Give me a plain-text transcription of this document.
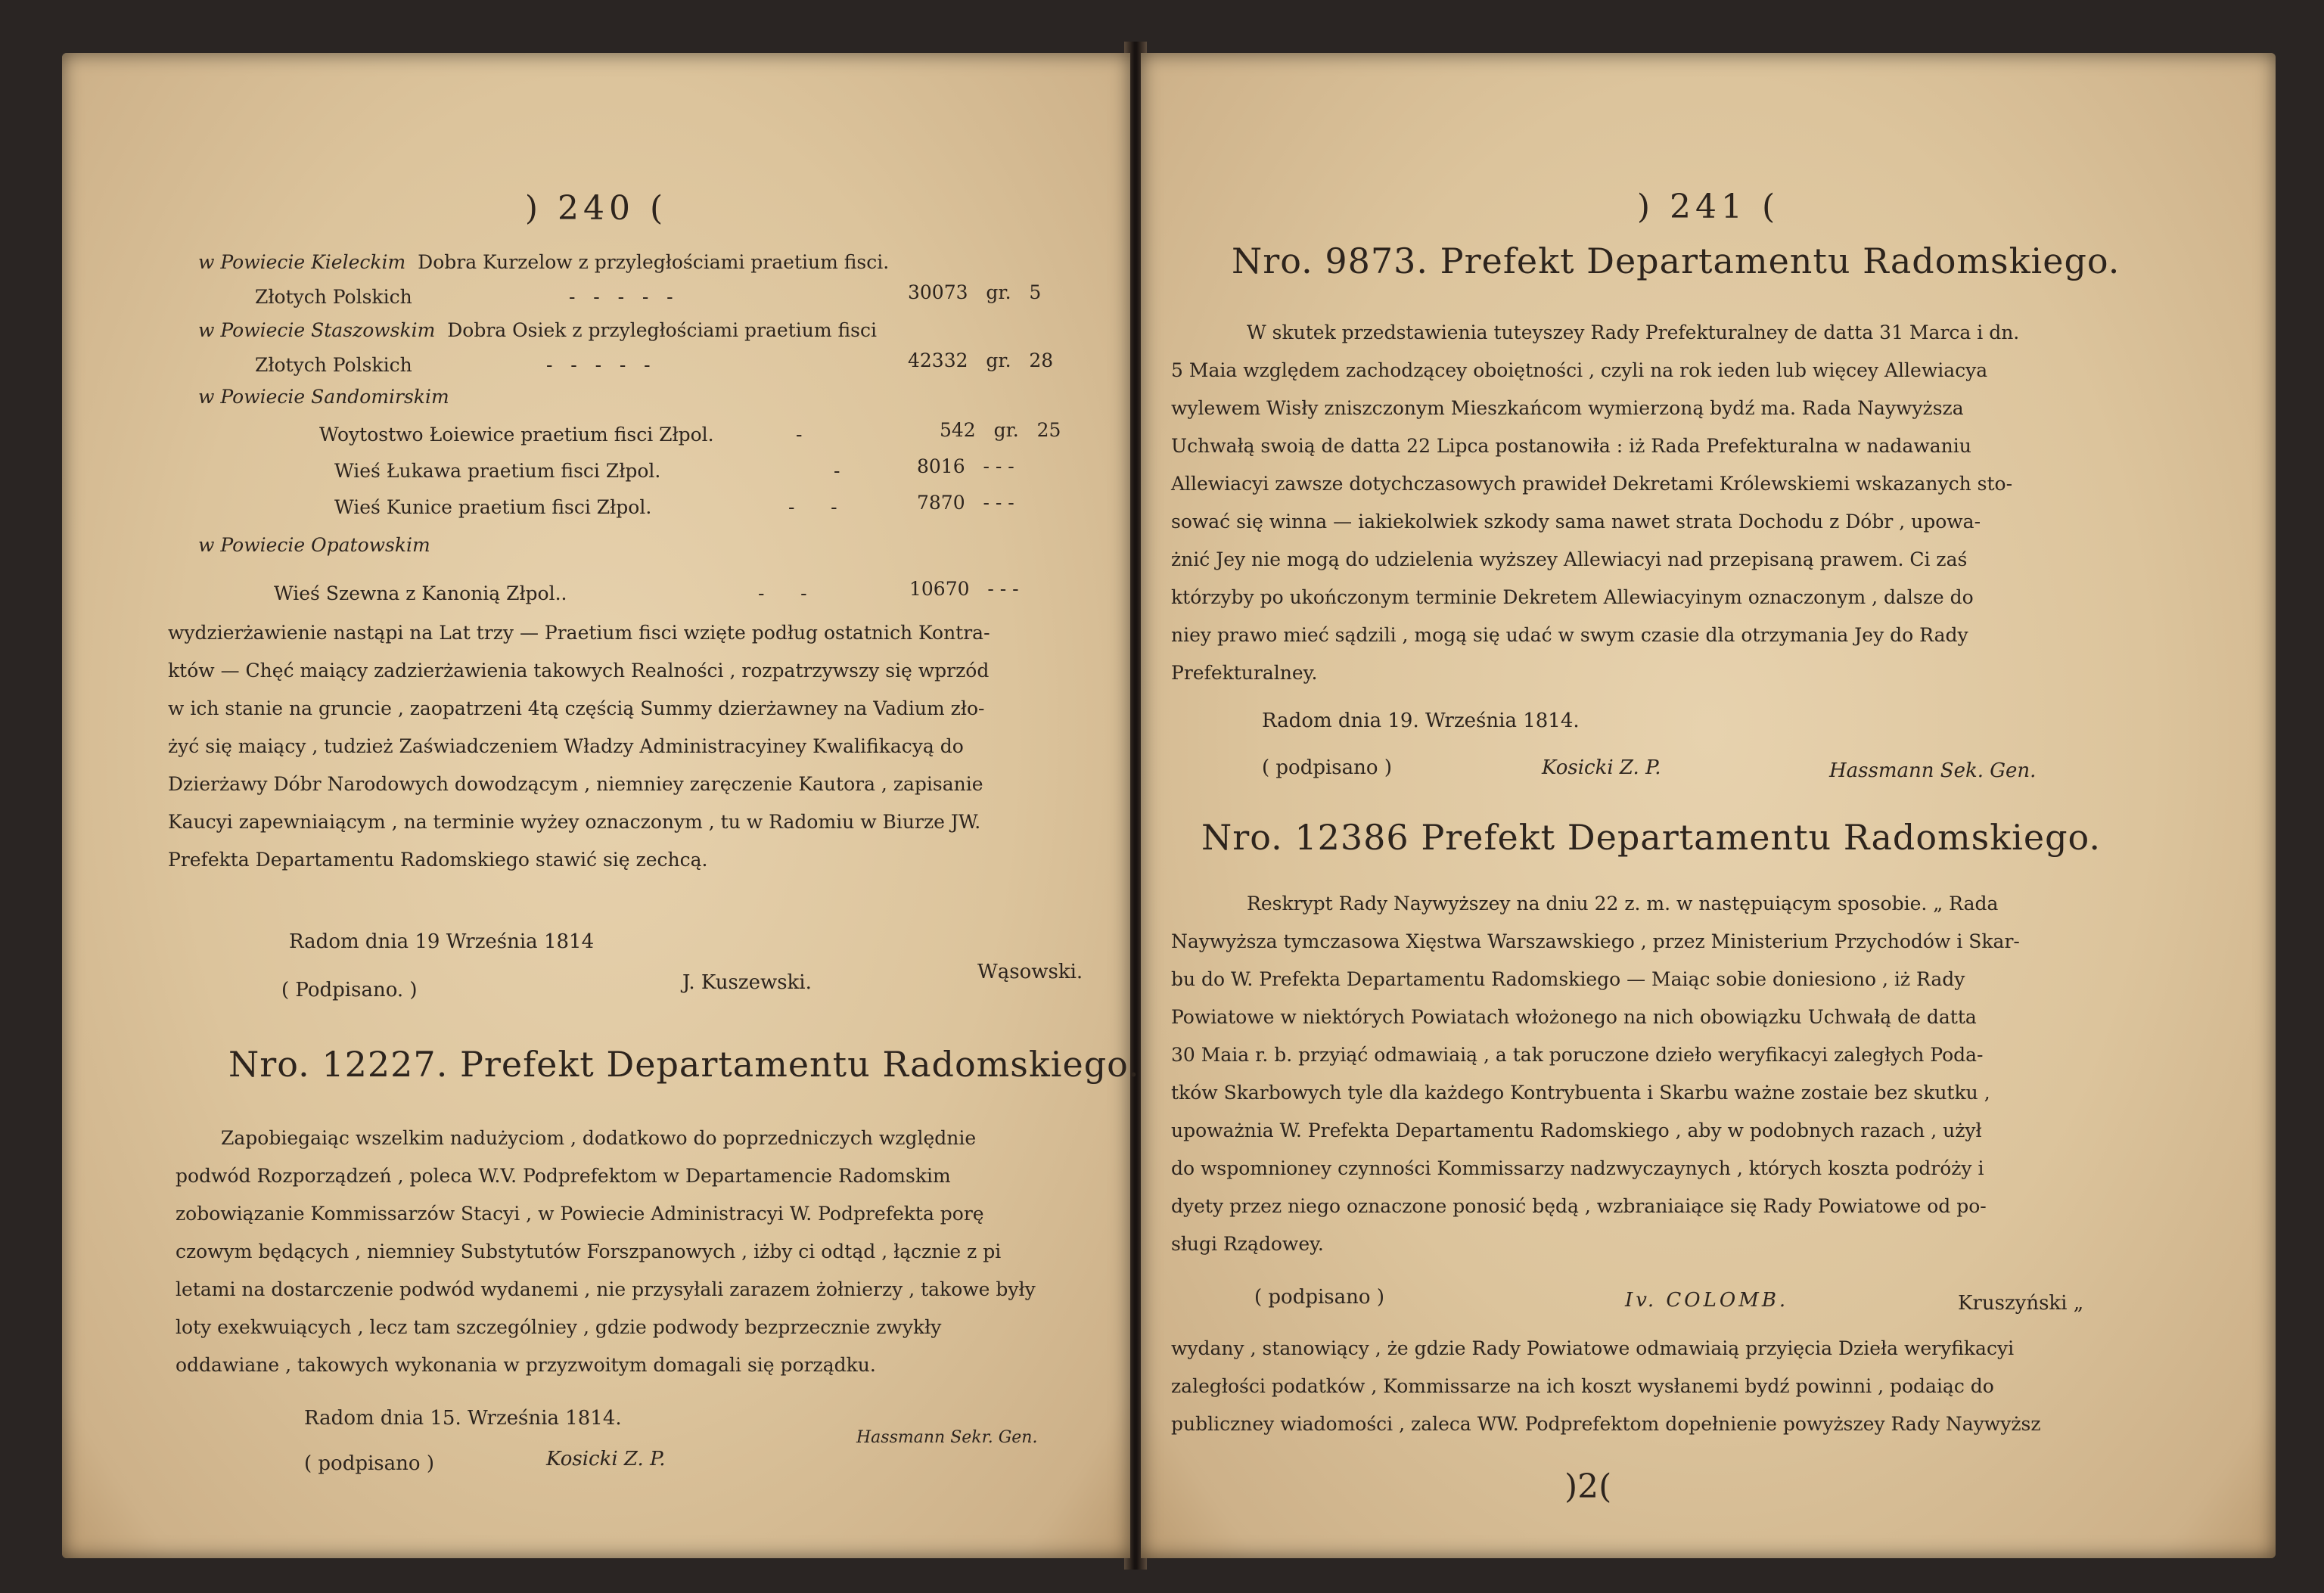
) 240 (
w Powiecie Kieleckim Dobra Kurzelow z przyległościami praetium fisci.
Złotych Polskich	-   -   -   -   -	30073 gr. 5
w Powiecie Staszowskim Dobra Osiek z przyległościami praetium fisci
Złotych Polskich	-   -   -   -   -	42332 gr. 28
w Powiecie Sandomirskim
Woytostwo Łoiewice praetium fisci Złpol.	-	542 gr. 25
Wieś Łukawa praetium fisci Złpol.	-	8016 - - -
Wieś Kunice praetium fisci Złpol.	-      -	7870 - - -
w Powiecie Opatowskim
Wieś Szewna z Kanonią Złpol..	-      -	10670 - - -
wydzierżawienie nastąpi na Lat trzy — Praetium fisci wzięte podług ostatnich Kontra-
któw — Chęć maiący zadzierżawienia takowych Realności , rozpatrzywszy się wprzód
w ich stanie na gruncie , zaopatrzeni 4tą częścią Summy dzierżawney na Vadium zło-
żyć się maiący , tudzież Zaświadczeniem Władzy Administracyiney Kwalifikacyą do
Dzierżawy Dóbr Narodowych dowodzącym , niemniey zaręczenie Kautora , zapisanie
Kaucyi zapewniaiącym , na terminie wyżey oznaczonym , tu w Radomiu w Biurze JW.
Prefekta Departamentu Radomskiego stawić się zechcą.
Radom dnia 19 Września 1814
( Podpisano. )	J. Kuszewski.	Wąsowski.
Nro. 12227. Prefekt Departamentu Radomskiego.
Zapobiegaiąc wszelkim nadużyciom , dodatkowo do poprzedniczych względnie
podwód Rozporządzeń , poleca W.V. Podprefektom w Departamencie Radomskim
zobowiązanie Kommissarzów Stacyi , w Powiecie Administracyi W. Podprefekta porę
czowym będących , niemniey Substytutów Forszpanowych , iżby ci odtąd , łącznie z pi
letami na dostarczenie podwód wydanemi , nie przysyłali zarazem żołnierzy , takowe były
loty exekwuiących , lecz tam szczególniey , gdzie podwody bezprzecznie zwykły
oddawiane , takowych wykonania w przyzwoitym domagali się porządku.
Radom dnia 15. Września 1814.
( podpisano )	Kosicki Z. P.
Hassmann Sekr. Gen.
) 241 (
Nro. 9873. Prefekt Departamentu Radomskiego.
W skutek przedstawienia tuteyszey Rady Prefekturalney de datta 31 Marca i dn.
5 Maia względem zachodzącey oboiętności , czyli na rok ieden lub więcey Allewiacya
wylewem Wisły zniszczonym Mieszkańcom wymierzoną bydź ma. Rada Naywyższa
Uchwałą swoią de datta 22 Lipca postanowiła : iż Rada Prefekturalna w nadawaniu
Allewiacyi zawsze dotychczasowych prawideł Dekretami Królewskiemi wskazanych sto-
sować się winna — iakiekolwiek szkody sama nawet strata Dochodu z Dóbr , upowa-
żnić Jey nie mogą do udzielenia wyższey Allewiacyi nad przepisaną prawem. Ci zaś
którzyby po ukończonym terminie Dekretem Allewiacyinym oznaczonym , dalsze do
niey prawo mieć sądzili , mogą się udać w swym czasie dla otrzymania Jey do Rady
Prefekturalney.
Radom dnia 19. Września 1814.
( podpisano )	Kosicki Z. P.	Hassmann Sek. Gen.
Nro. 12386 Prefekt Departamentu Radomskiego.
Reskrypt Rady Naywyższey na dniu 22 z. m. w następuiącym sposobie. „ Rada
Naywyższa tymczasowa Xięstwa Warszawskiego , przez Ministerium Przychodów i Skar-
bu do W. Prefekta Departamentu Radomskiego — Maiąc sobie doniesiono , iż Rady
Powiatowe w niektórych Powiatach włożonego na nich obowiązku Uchwałą de datta
30 Maia r. b. przyiąć odmawiaią , a tak poruczone dzieło weryfikacyi zaległych Poda-
tków Skarbowych tyle dla każdego Kontrybuenta i Skarbu ważne zostaie bez skutku ,
upoważnia W. Prefekta Departamentu Radomskiego , aby w podobnych razach , użył
do wspomnioney czynności Kommissarzy nadzwyczaynych , których koszta podróży i
dyety przez niego oznaczone ponosić będą , wzbraniaiące się Rady Powiatowe od po-
sługi Rządowey.
( podpisano )	Iv. COLOMB.	Kruszyński „
wydany , stanowiący , że gdzie Rady Powiatowe odmawiaią przyięcia Dzieła weryfikacyi
zaległości podatków , Kommissarze na ich koszt wysłanemi bydź powinni , podaiąc do
publiczney wiadomości , zaleca WW. Podprefektom dopełnienie powyższey Rady Naywyższ
)2(
